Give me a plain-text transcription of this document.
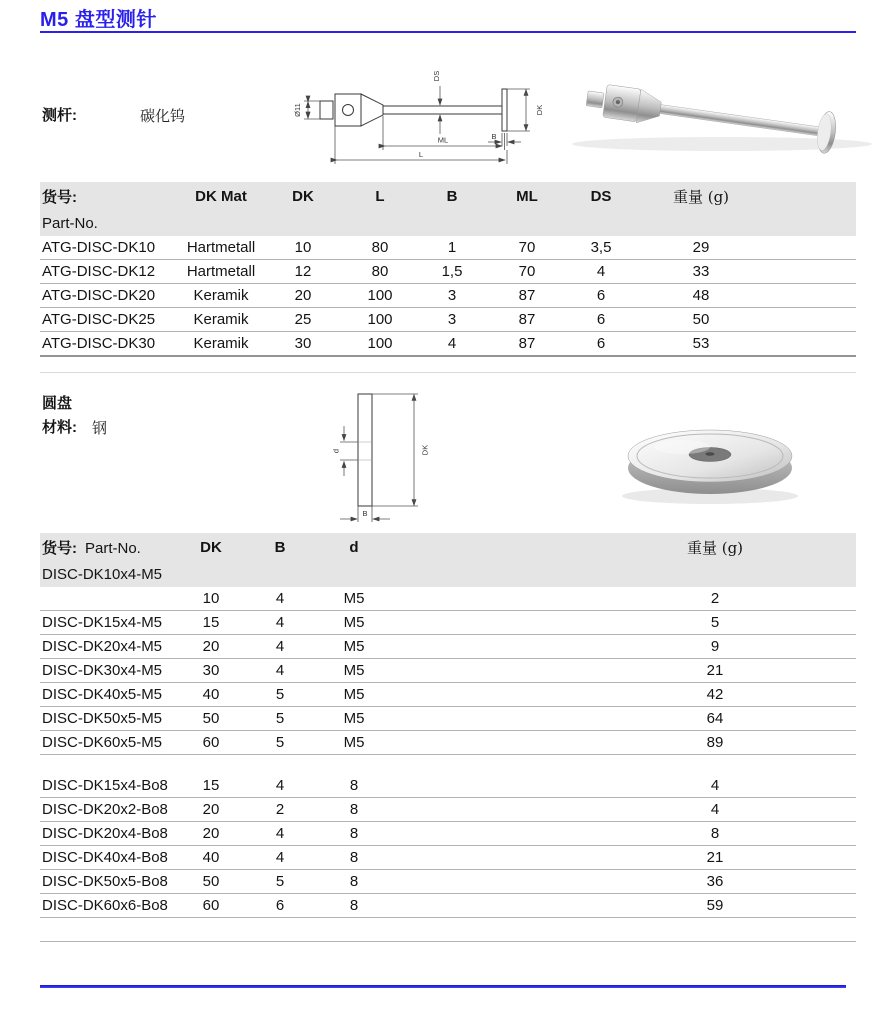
M5 盘型测针
测杆:	碳化钨	Ø11
DS
DK
B
ML
L
货号:	DK Mat	DK	L	B	ML	DS	重量 (g)	
Part-No.								
ATG-DISC-DK10	Hartmetall	10	80	1	70	3,5	29	
ATG-DISC-DK12	Hartmetall	12	80	1,5	70	4	33	
ATG-DISC-DK20	Keramik	20	100	3	87	6	48	
ATG-DISC-DK25	Keramik	25	100	3	87	6	50	
ATG-DISC-DK30	Keramik	30	100	4	87	6	53	

圆盘
材料: 钢
d	DK
B
货号: Part-No.	DK	B	d		重量 (g)	
DISC-DK10x4-M5						
	10	4	M5		2	
DISC-DK15x4-M5	15	4	M5		5	
DISC-DK20x4-M5	20	4	M5		9	
DISC-DK30x4-M5	30	4	M5		21	
DISC-DK40x5-M5	40	5	M5		42	
DISC-DK50x5-M5	50	5	M5		64	
DISC-DK60x5-M5	60	5	M5		89	

DISC-DK15x4-Bo8	15	4	8		4	
DISC-DK20x2-Bo8	20	2	8		4	
DISC-DK20x4-Bo8	20	4	8		8	
DISC-DK40x4-Bo8	40	4	8		21	
DISC-DK50x5-Bo8	50	5	8		36	
DISC-DK60x6-Bo8	60	6	8		59	
